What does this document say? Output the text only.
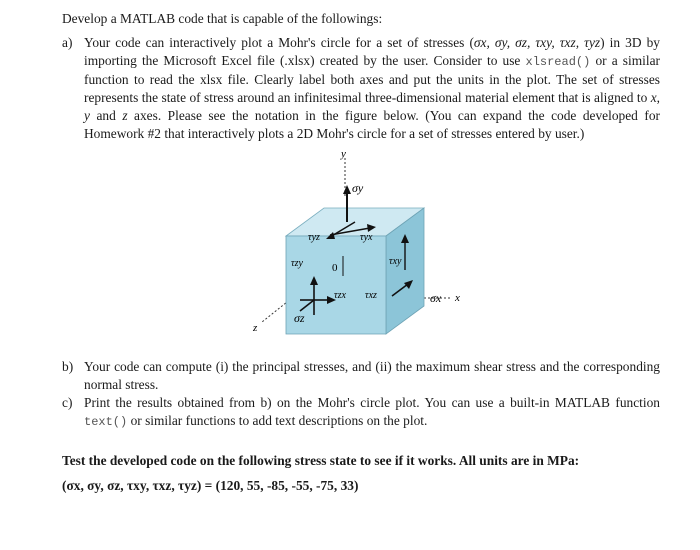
Develop a MATLAB code that is capable of the followings:
a) Your code can interactively plot a Mohr's circle for a set of stresses (σx, σy, σz, τxy, τxz, τyz) in 3D by importing the Microsoft Excel file (.xlsx) created by the user. Consider to use xlsread() or a similar function to read the xlsx file. Clearly label both axes and put the units in the plot. The set of stresses represents the state of stress around an infinitesimal three-dimensional material element that is aligned to x, y and z axes. Please see the notation in the figure below. (You can expand the code developed for Homework #2 that interactively plots a 2D Mohr's circle for a set of stresses entered by user.)
y
x
z
0
σy
σx
σz
τyx
τxy
τyz
τzy
τzx τxz
b) Your code can compute (i) the principal stresses, and (ii) the maximum shear stress and the corresponding normal stress.
c) Print the results obtained from b) on the Mohr's circle plot. You can use a built-in MATLAB function text() or similar functions to add text descriptions on the plot.
Test the developed code on the following stress state to see if it works. All units are in MPa:
(σx, σy, σz, τxy, τxz, τyz) = (120, 55, -85, -55, -75, 33)
